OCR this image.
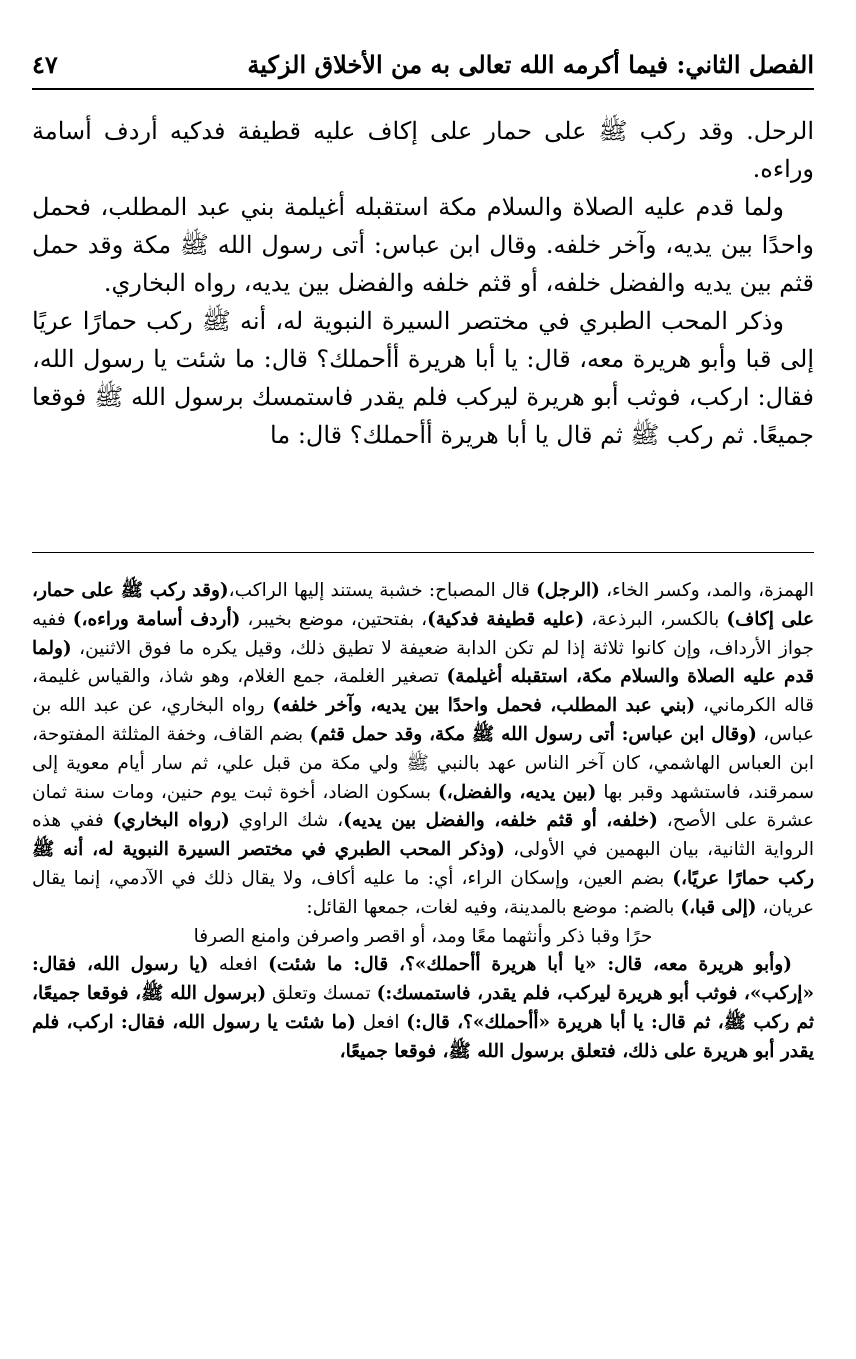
الفصل الثاني: فيما أكرمه الله تعالى به من الأخلاق الزكية
٤٧

الرحل. وقد ركب ﷺ على حمار على إكاف عليه قطيفة فدكيه أردف أسامة وراءه.

ولما قدم عليه الصلاة والسلام مكة استقبله أغيلمة بني عبد المطلب، فحمل واحدًا بين يديه، وآخر خلفه. وقال ابن عباس: أتى رسول الله ﷺ مكة وقد حمل قثم بين يديه والفضل خلفه، أو قثم خلفه والفضل بين يديه، رواه البخاري.

وذكر المحب الطبري في مختصر السيرة النبوية له، أنه ﷺ ركب حمارًا عريًا إلى قبا وأبو هريرة معه، قال: يا أبا هريرة أأحملك؟ قال: ما شئت يا رسول الله، فقال: اركب، فوثب أبو هريرة ليركب فلم يقدر فاستمسك برسول الله ﷺ فوقعا جميعًا. ثم ركب ﷺ ثم قال يا أبا هريرة أأحملك؟ قال: ما

الهمزة، والمد، وكسر الخاء، (الرجل) قال المصباح: خشبة يستند إليها الراكب،(وقد ركب ﷺ على حمار، على إكاف) بالكسر، البرذعة، (عليه قطيفة فدكية)، بفتحتين، موضع بخيبر، (أردف أسامة وراءه،) ففيه جواز الأرداف، وإن كانوا ثلاثة إذا لم تكن الدابة ضعيفة لا تطيق ذلك، وقيل يكره ما فوق الاثنين، (ولما قدم عليه الصلاة والسلام مكة، استقبله أغيلمة) تصغير الغلمة، جمع الغلام، وهو شاذ، والقياس غليمة، قاله الكرماني، (بني عبد المطلب، فحمل واحدًا بين يديه، وآخر خلفه) رواه البخاري، عن عبد الله بن عباس، (وقال ابن عباس: أتى رسول الله ﷺ مكة، وقد حمل قثم) بضم القاف، وخفة المثلثة المفتوحة، ابن العباس الهاشمي، كان آخر الناس عهد بالنبي ﷺ ولي مكة من قبل علي، ثم سار أيام معوية إلى سمرقند، فاستشهد وقبر بها (بين يديه، والفضل،) بسكون الضاد، أخوة ثبت يوم حنين، ومات سنة ثمان عشرة على الأصح، (خلفه، أو قثم خلفه، والفضل بين يديه)، شك الراوي (رواه البخاري) ففي هذه الرواية الثانية، بيان البهمين في الأولى، (وذكر المحب الطبري في مختصر السيرة النبوية له، أنه ﷺ ركب حمارًا عريًا،) بضم العين، وإسكان الراء، أي: ما عليه أكاف، ولا يقال ذلك في الآدمي، إنما يقال عريان، (إلى قبا،) بالضم: موضع بالمدينة، وفيه لغات، جمعها القائل:

حرًا وقبا ذكر وأنثهما معًا ومد، أو اقصر واصرفن وامنع الصرفا

(وأبو هريرة معه، قال: «يا أبا هريرة أأحملك»؟، قال: ما شئت) افعله (يا رسول الله، فقال: «إركب»، فوثب أبو هريرة ليركب، فلم يقدر، فاستمسك:) تمسك وتعلق (برسول الله ﷺ، فوقعا جميعًا، ثم ركب ﷺ، ثم قال: يا أبا هريرة «أأحملك»؟، قال:) افعل (ما شئت يا رسول الله، فقال: اركب، فلم يقدر أبو هريرة على ذلك، فتعلق برسول الله ﷺ، فوقعا جميعًا،
